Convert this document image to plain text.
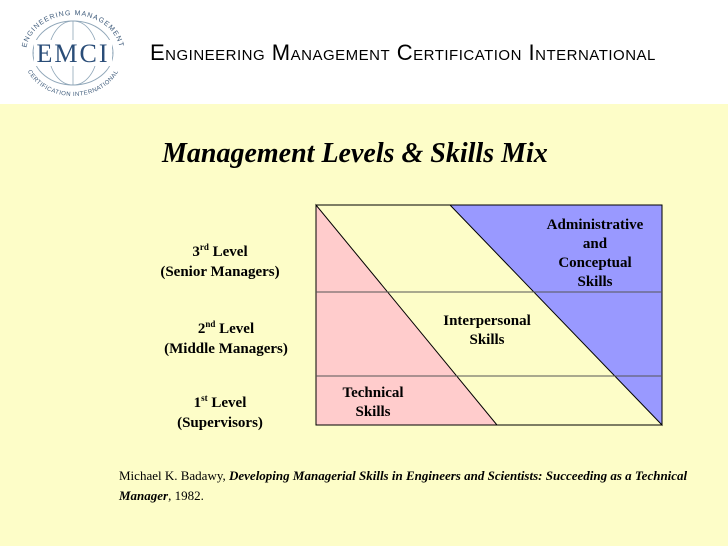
ENGINEERING MANAGEMENT
CERTIFICATION INTERNATIONAL
EMCI Engineering Management Certification International
Management Levels & Skills Mix
3rd Level
(Senior Managers)
2nd Level
(Middle Managers)
1st Level
(Supervisors)
Technical
Skills
Interpersonal
Skills
Administrative
and
Conceptual
Skills
Michael K. Badawy, Developing Managerial Skills in Engineers and Scientists: Succeeding as a Technical Manager, 1982.
